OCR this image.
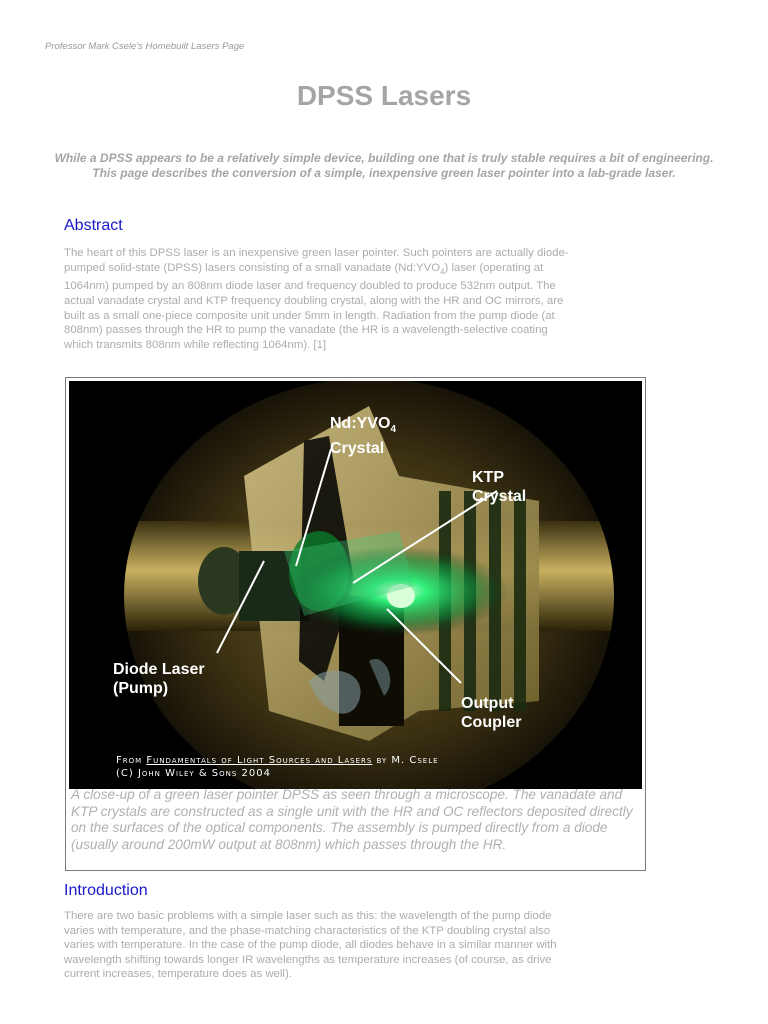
Professor Mark Csele's Homebuilt Lasers Page
DPSS Lasers

While a DPSS appears to be a relatively simple device, building one that is truly stable requires a bit of engineering. This page describes the conversion of a simple, inexpensive green laser pointer into a lab-grade laser.

Abstract

The heart of this DPSS laser is an inexpensive green laser pointer. Such pointers are actually diode-pumped solid-state (DPSS) lasers consisting of a small vanadate $(Nd:YVO_4)$ laser (operating at 1064nm) pumped by an 808nm diode laser and frequency doubled to produce 532nm output. The actual vanadate crystal and KTP frequency doubling crystal, along with the HR and OC mirrors, are built as a small one-piece composite unit under 5mm in length. Radiation from the pump diode (at 808nm) passes through the HR to pump the vanadate (the HR is a wavelength-selective coating which transmits 808nm while reflecting 1064nm). [1]

$Nd:YVO_4$
Crystal
KTP
Crystal
Diode Laser
(Pump)
Output
Coupler
From Fundamentals of Light Sources and Lasers by M. Csele
(C) John Wiley & Sons 2004

A close-up of a green laser pointer DPSS as seen through a microscope. The vanadate and KTP crystals are constructed as a single unit with the HR and OC reflectors deposited directly on the surfaces of the optical components. The assembly is pumped directly from a diode (usually around 200mW output at 808nm) which passes through the HR.

Introduction

There are two basic problems with a simple laser such as this: the wavelength of the pump diode varies with temperature, and the phase-matching characteristics of the KTP doubling crystal also varies with temperature. In the case of the pump diode, all diodes behave in a similar manner with wavelength shifting towards longer IR wavelengths as temperature increases (of course, as drive current increases, temperature does as well).
